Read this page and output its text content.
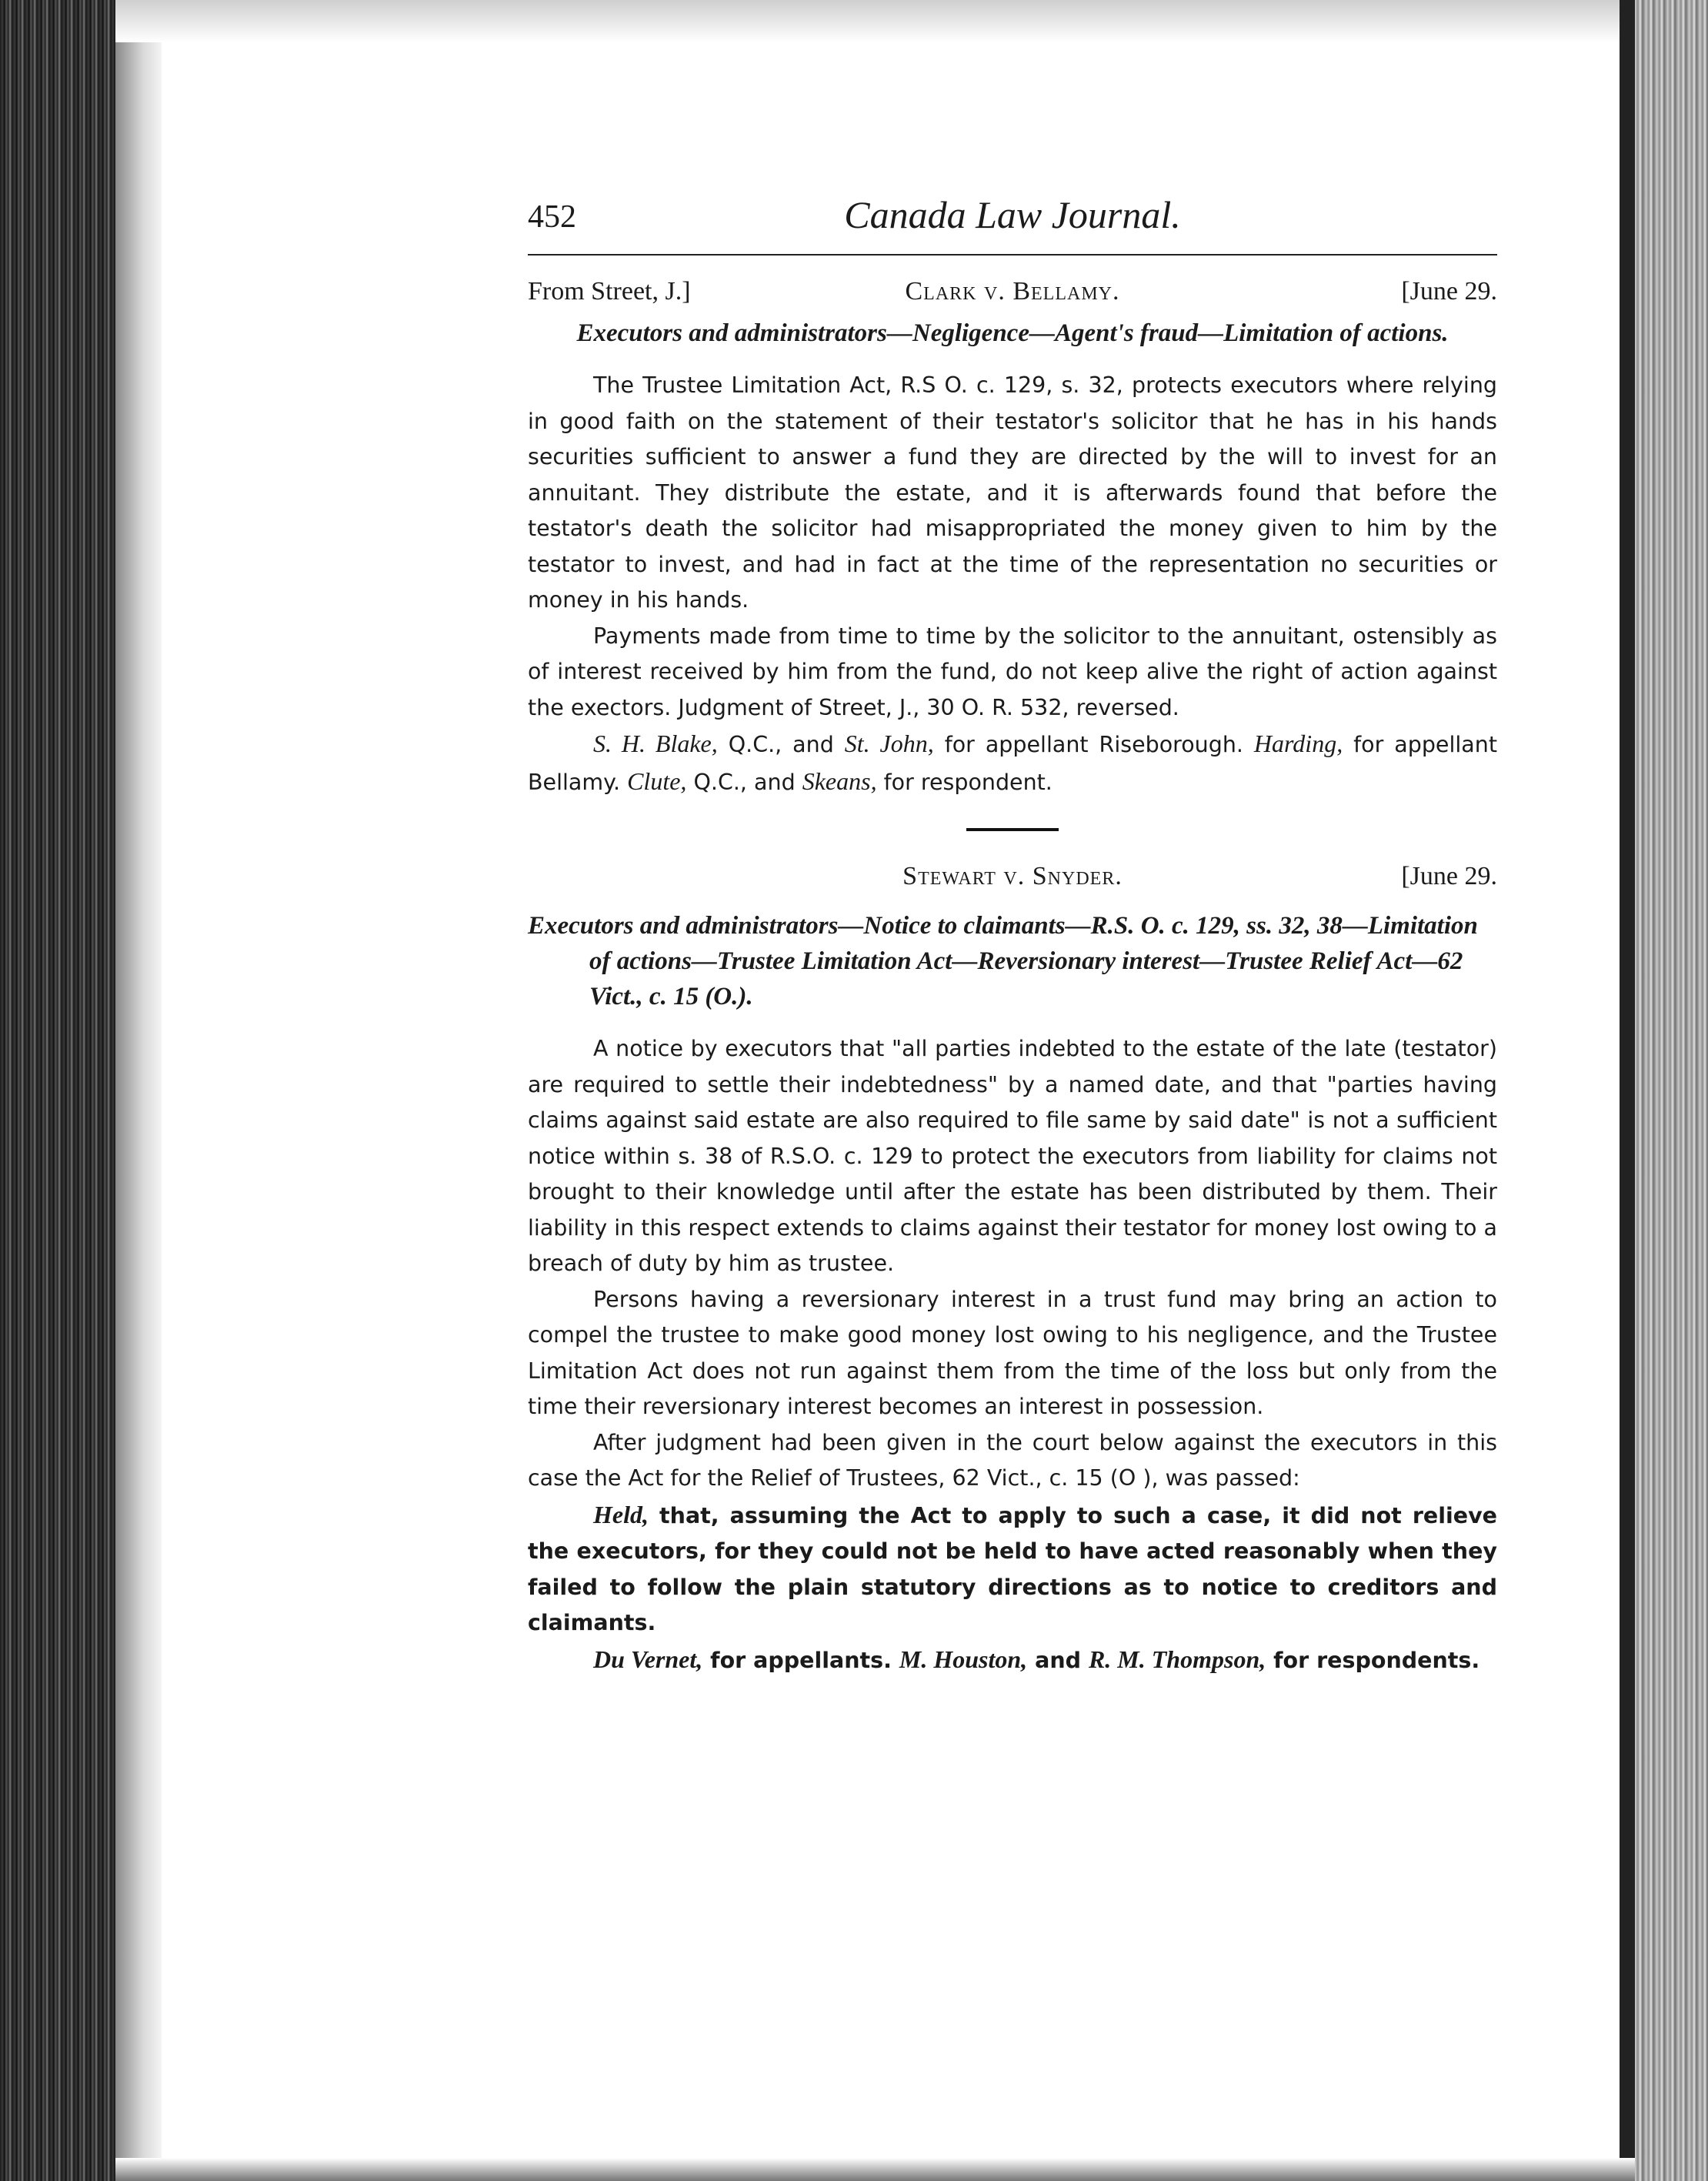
452	Canada Law Journal.
From Street, J.]	Clark v. Bellamy.	[June 29.
Executors and administrators—Negligence—Agent's fraud—Limitation of actions.

The Trustee Limitation Act, R.S O. c. 129, s. 32, protects executors where relying in good faith on the statement of their testator's solicitor that he has in his hands securities sufficient to answer a fund they are directed by the will to invest for an annuitant. They distribute the estate, and it is afterwards found that before the testator's death the solicitor had misappropriated the money given to him by the testator to invest, and had in fact at the time of the representation no securities or money in his hands.

Payments made from time to time by the solicitor to the annuitant, ostensibly as of interest received by him from the fund, do not keep alive the right of action against the exectors. Judgment of Street, J., 30 O. R. 532, reversed.

S. H. Blake, Q.C., and St. John, for appellant Riseborough. Harding, for appellant Bellamy. Clute, Q.C., and Skeans, for respondent.

Stewart v. Snyder.	[June 29.
Executors and administrators—Notice to claimants—R.S. O. c. 129, ss. 32, 38—Limitation of actions—Trustee Limitation Act—Reversionary interest—Trustee Relief Act—62 Vict., c. 15 (O.).

A notice by executors that "all parties indebted to the estate of the late (testator) are required to settle their indebtedness" by a named date, and that "parties having claims against said estate are also required to file same by said date" is not a sufficient notice within s. 38 of R.S.O. c. 129 to protect the executors from liability for claims not brought to their knowledge until after the estate has been distributed by them. Their liability in this respect extends to claims against their testator for money lost owing to a breach of duty by him as trustee.

Persons having a reversionary interest in a trust fund may bring an action to compel the trustee to make good money lost owing to his negligence, and the Trustee Limitation Act does not run against them from the time of the loss but only from the time their reversionary interest becomes an interest in possession.

After judgment had been given in the court below against the executors in this case the Act for the Relief of Trustees, 62 Vict., c. 15 (O ), was passed:

Held, that, assuming the Act to apply to such a case, it did not relieve the executors, for they could not be held to have acted reasonably when they failed to follow the plain statutory directions as to notice to creditors and claimants.

Du Vernet, for appellants. M. Houston, and R. M. Thompson, for respondents.
